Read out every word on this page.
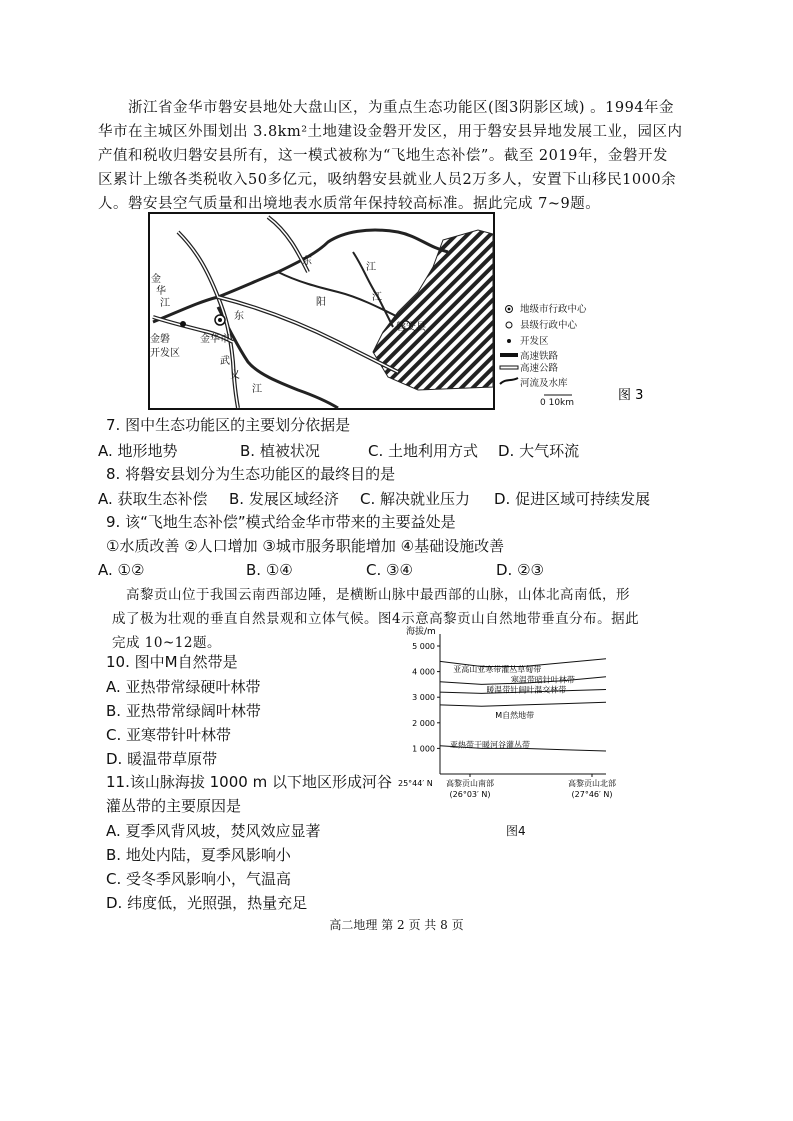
浙江省金华市磐安县地处大盘山区，为重点生态功能区(图3阴影区域) 。1994年金
华市在主城区外围划出 3.8km²土地建设金磐开发区，用于磐安县异地发展工业，园区内
产值和税收归磐安县所有，这一模式被称为“飞地生态补偿”。截至 2019年，金磐开发
区累计上缴各类税收入50多亿元，吸纳磐安县就业人员2万多人，安置下山移民1000余
人。磐安县空气质量和出境地表水质常年保持较高标准。据此完成 7~9题。
金
华
江
东
阳	江
江
东
武
义
江
金华市
金磐
开发区
磐安县
地级市行政中心
县级行政中心
开发区
高速铁路
高速公路
河流及水库
0 10km	图 3
7. 图中生态功能区的主要划分依据是
A. 地形地势	B. 植被状况	C. 土地利用方式 D. 大气环流
8. 将磐安县划分为生态功能区的最终目的是
A. 获取生态补偿 B. 发展区域经济 C. 解决就业压力 D. 促进区域可持续发展
9. 该“飞地生态补偿”模式给金华市带来的主要益处是
①水质改善 ②人口增加 ③城市服务职能增加 ④基础设施改善
A. ①②	B. ①④	C. ③④	D. ②③
高黎贡山位于我国云南西部边陲，是横断山脉中最西部的山脉，山体北高南低，形
成了极为壮观的垂直自然景观和立体气候。图4示意高黎贡山自然地带垂直分布。据此
完成 10~12题。
10. 图中M自然带是
A. 亚热带常绿硬叶林带
B. 亚热带常绿阔叶林带
C. 亚寒带针叶林带
D. 暖温带草原带
11.该山脉海拔 1000 m 以下地区形成河谷
灌丛带的主要原因是
A. 夏季风背风坡，焚风效应显著
B. 地处内陆，夏季风影响小
C. 受冬季风影响小，气温高
D. 纬度低，光照强，热量充足
海拔/m
1 000
2 000
3 000
4 000
5 000
亚高山亚寒带灌丛草甸带
寒温带暗针叶林带
暖温带针阔叶混交林带
M自然地带
亚热带干暖河谷灌丛带
25°44′ N 高黎贡山南部
(26°03′ N)
高黎贡山北部
(27°46′ N)
图4
高二地理 第 2 页 共 8 页
